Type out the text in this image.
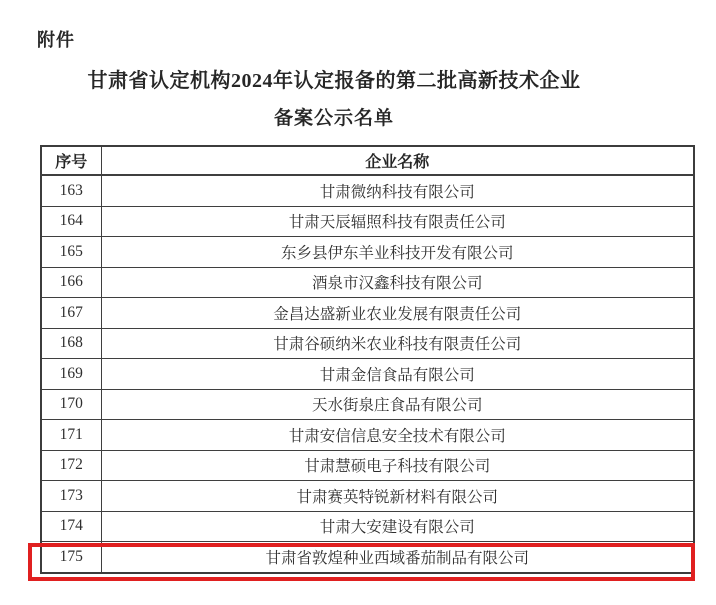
附件
甘肃省认定机构2024年认定报备的第二批高新技术企业
备案公示名单
序号	企业名称
163	甘肃微纳科技有限公司
164	甘肃天辰辐照科技有限责任公司
165	东乡县伊东羊业科技开发有限公司
166	酒泉市汉鑫科技有限公司
167	金昌达盛新业农业发展有限责任公司
168	甘肃谷硕纳米农业科技有限责任公司
169	甘肃金信食品有限公司
170	天水街泉庄食品有限公司
171	甘肃安信信息安全技术有限公司
172	甘肃慧硕电子科技有限公司
173	甘肃赛英特锐新材料有限公司
174	甘肃大安建设有限公司
175	甘肃省敦煌种业西域番茄制品有限公司
